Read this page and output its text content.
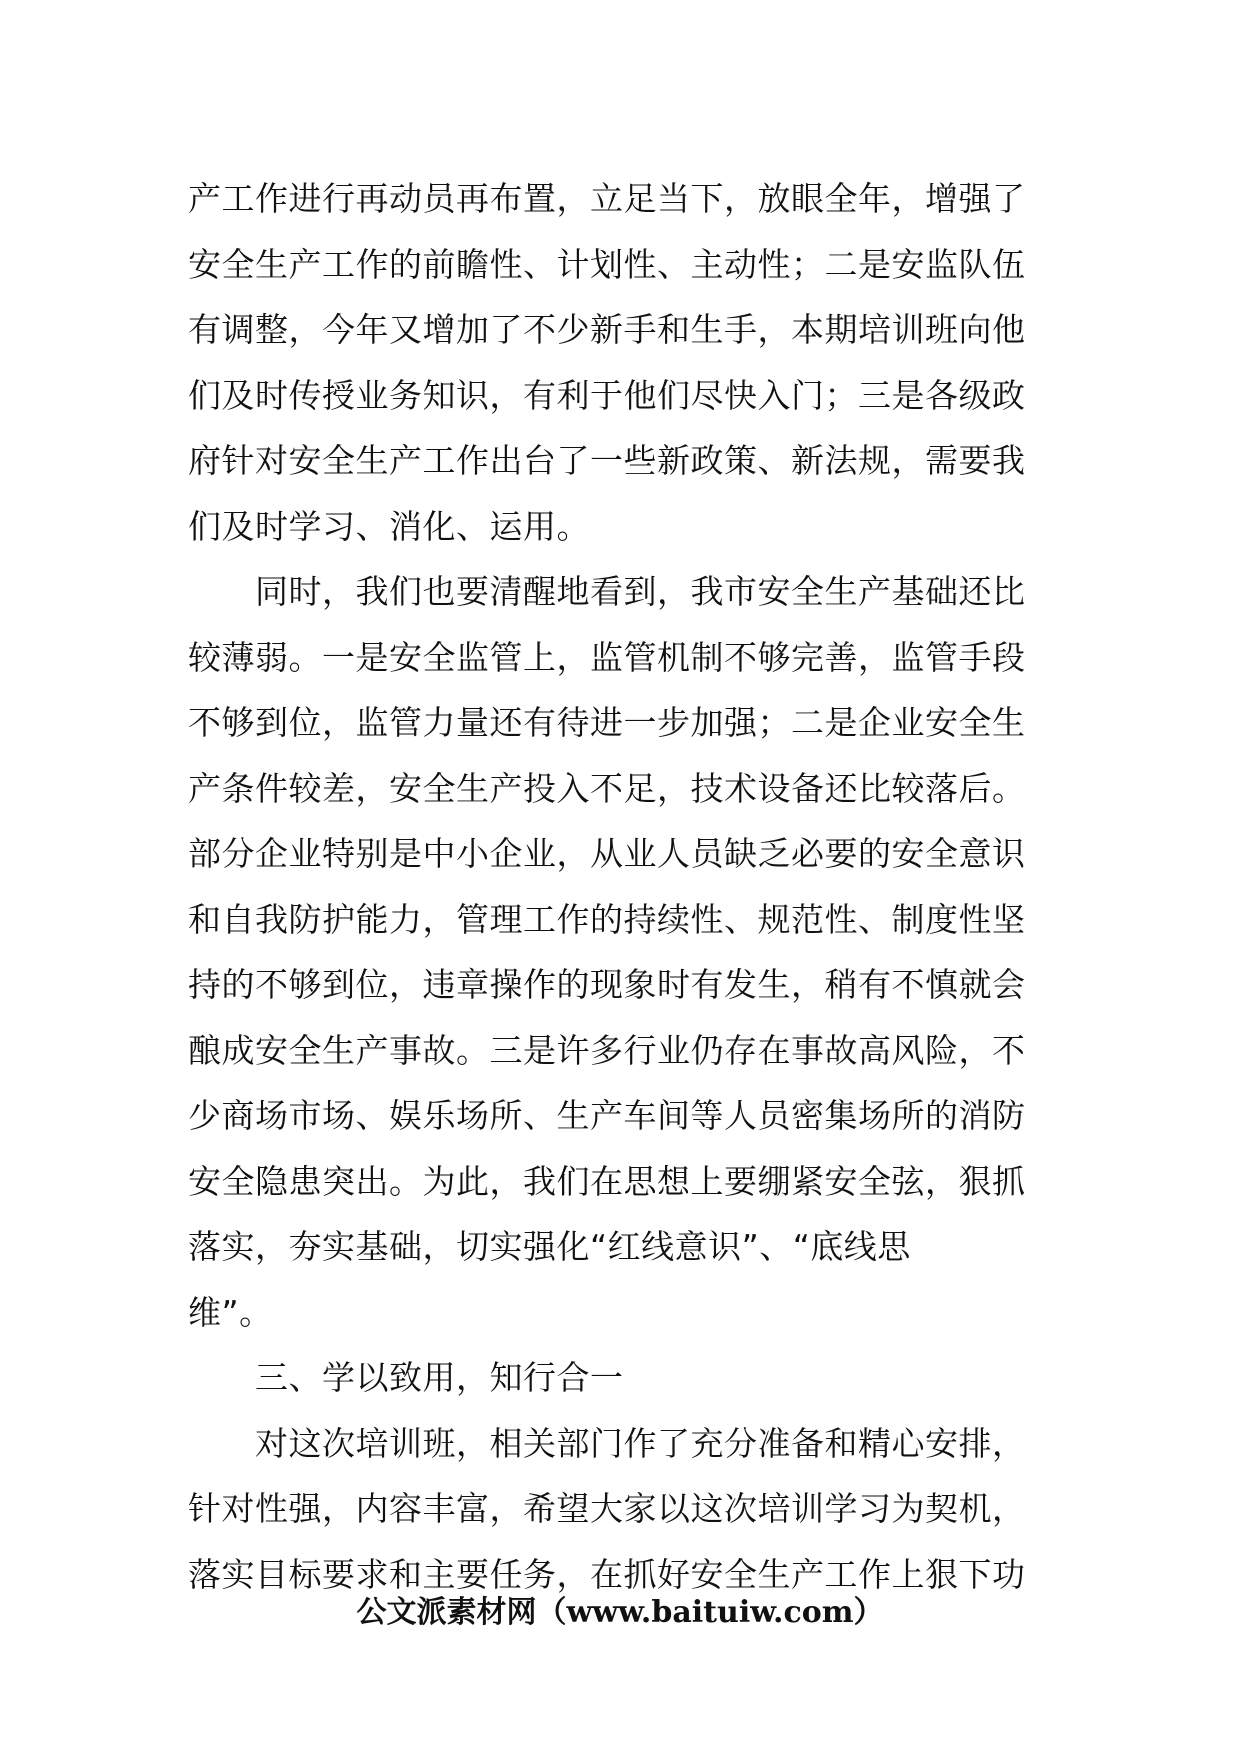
产工作进行再动员再布置，立足当下，放眼全年，增强了
安全生产工作的前瞻性、计划性、主动性；二是安监队伍
有调整，今年又增加了不少新手和生手，本期培训班向他
们及时传授业务知识，有利于他们尽快入门；三是各级政
府针对安全生产工作出台了一些新政策、新法规，需要我
们及时学习、消化、运用。
　　同时，我们也要清醒地看到，我市安全生产基础还比
较薄弱。一是安全监管上，监管机制不够完善，监管手段
不够到位，监管力量还有待进一步加强；二是企业安全生
产条件较差，安全生产投入不足，技术设备还比较落后。
部分企业特别是中小企业，从业人员缺乏必要的安全意识
和自我防护能力，管理工作的持续性、规范性、制度性坚
持的不够到位，违章操作的现象时有发生，稍有不慎就会
酿成安全生产事故。三是许多行业仍存在事故高风险，不
少商场市场、娱乐场所、生产车间等人员密集场所的消防
安全隐患突出。为此，我们在思想上要绷紧安全弦，狠抓
落实，夯实基础，切实强化“红线意识”、“底线思
维”。
　　三、学以致用，知行合一
　　对这次培训班，相关部门作了充分准备和精心安排，
针对性强，内容丰富，希望大家以这次培训学习为契机，
落实目标要求和主要任务，在抓好安全生产工作上狠下功
公文派素材网（www.baituiw.com）
